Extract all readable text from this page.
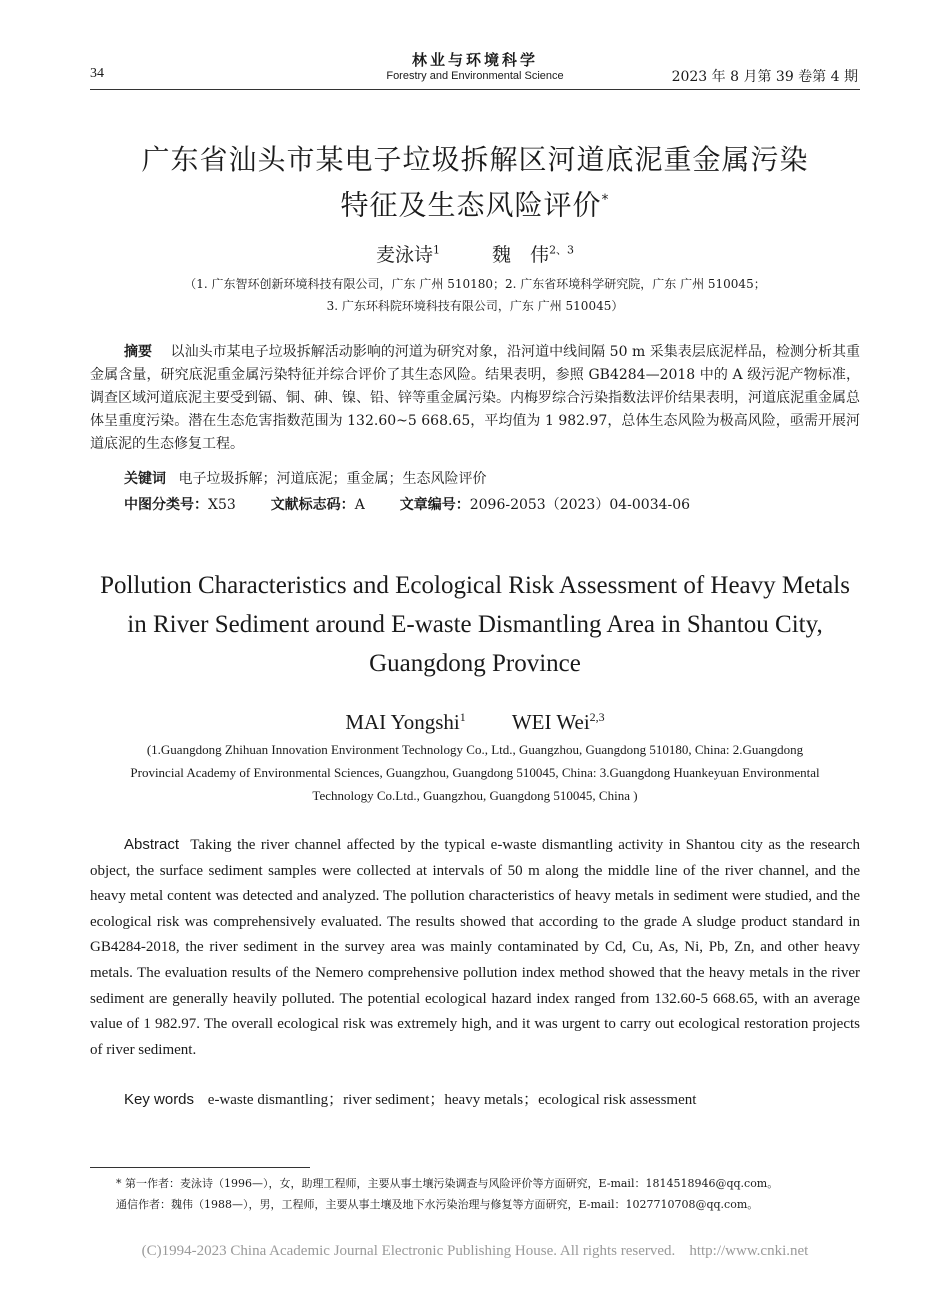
34
林业与环境科学
Forestry and Environmental Science	2023 年 8 月第 39 卷第 4 期
广东省汕头市某电子垃圾拆解区河道底泥重金属污染
特征及生态风险评价*
麦泳诗$^1$	魏　伟$^{2、3}$
（1. 广东智环创新环境科技有限公司，广东 广州 510180；2. 广东省环境科学研究院，广东 广州 510045；
3. 广东环科院环境科技有限公司，广东 广州 510045）
摘要 以汕头市某电子垃圾拆解活动影响的河道为研究对象，沿河道中线间隔 50 m 采集表层底泥样品，检测分析其重金属含量，研究底泥重金属污染特征并综合评价了其生态风险。结果表明，参照 GB4284—2018 中的 A 级污泥产物标准，调查区域河道底泥主要受到镉、铜、砷、镍、铅、锌等重金属污染。内梅罗综合污染指数法评价结果表明，河道底泥重金属总体呈重度污染。潜在生态危害指数范围为 132.60~5 668.65，平均值为 1 982.97，总体生态风险为极高风险，亟需开展河道底泥的生态修复工程。
关键词 电子垃圾拆解；河道底泥；重金属；生态风险评价
中图分类号：X53 文献标志码：A 文章编号：2096-2053（2023）04-0034-06
Pollution Characteristics and Ecological Risk Assessment of Heavy Metals
in River Sediment around E-waste Dismantling Area in Shantou City,
Guangdong Province
MAI Yongshi$^1$ WEI Wei$^{2,3}$
(1.Guangdong Zhihuan Innovation Environment Technology Co., Ltd., Guangzhou, Guangdong 510180, China: 2.Guangdong
Provincial Academy of Environmental Sciences, Guangzhou, Guangdong 510045, China: 3.Guangdong Huankeyuan Environmental
Technology Co.Ltd., Guangzhou, Guangdong 510045, China )
Abstract Taking the river channel affected by the typical e-waste dismantling activity in Shantou city as the research object, the surface sediment samples were collected at intervals of 50 m along the middle line of the river channel, and the heavy metal content was detected and analyzed. The pollution characteristics of heavy metals in sediment were studied, and the ecological risk was comprehensively evaluated. The results showed that according to the grade A sludge product standard in GB4284-2018, the river sediment in the survey area was mainly contaminated by Cd, Cu, As, Ni, Pb, Zn, and other heavy metals. The evaluation results of the Nemero comprehensive pollution index method showed that the heavy metals in the river sediment are generally heavily polluted. The potential ecological hazard index ranged from 132.60-5 668.65, with an average value of 1 982.97. The overall ecological risk was extremely high, and it was urgent to carry out ecological restoration projects of river sediment.
Key words e-waste dismantling；river sediment；heavy metals；ecological risk assessment
* 第一作者：麦泳诗（1996—），女，助理工程师，主要从事土壤污染调查与风险评价等方面研究，E-mail：1814518946@qq.com。
通信作者：魏伟（1988—），男，工程师，主要从事土壤及地下水污染治理与修复等方面研究，E-mail：1027710708@qq.com。
(C)1994-2023 China Academic Journal Electronic Publishing House. All rights reserved. http://www.cnki.net
